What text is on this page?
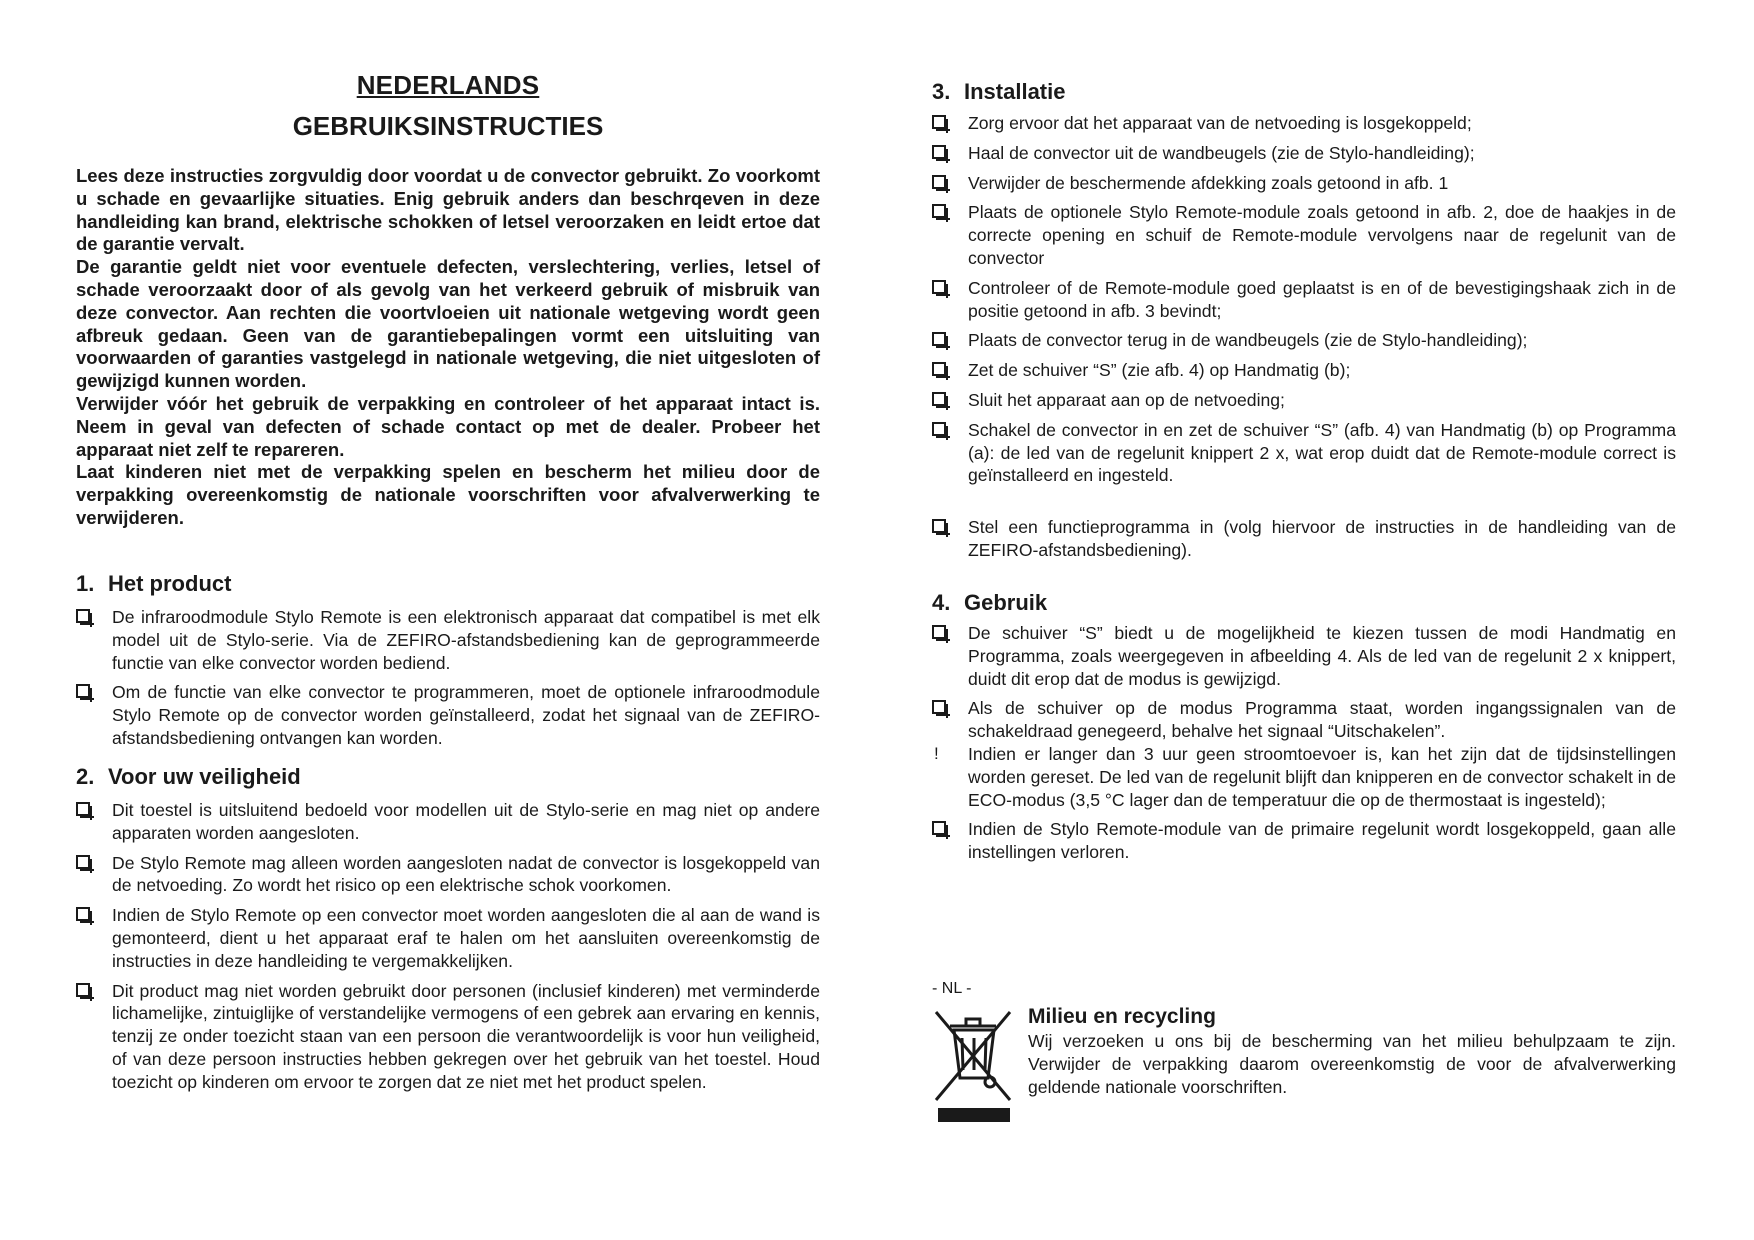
NEDERLANDS
GEBRUIKSINSTRUCTIES

Lees deze instructies zorgvuldig door voordat u de convector gebruikt. Zo voorkomt u schade en gevaarlijke situaties. Enig gebruik anders dan beschrqeven in deze handleiding kan brand, elektrische schokken of letsel veroorzaken en leidt ertoe dat de garantie vervalt.

De garantie geldt niet voor eventuele defecten, verslechtering, verlies, letsel of schade veroorzaakt door of als gevolg van het verkeerd gebruik of misbruik van deze convector. Aan rechten die voortvloeien uit nationale wetgeving wordt geen afbreuk gedaan. Geen van de garantiebepalingen vormt een uitsluiting van voorwaarden of garanties vastgelegd in nationale wetgeving, die niet uitgesloten of gewijzigd kunnen worden.

Verwijder vóór het gebruik de verpakking en controleer of het apparaat intact is. Neem in geval van defecten of schade contact op met de dealer. Probeer het apparaat niet zelf te repareren.

Laat kinderen niet met de verpakking spelen en bescherm het milieu door de verpakking overeenkomstig de nationale voorschriften voor afvalverwerking te verwijderen.

1. Het product
De infraroodmodule Stylo Remote is een elektronisch apparaat dat compatibel is met elk model uit de Stylo-serie. Via de ZEFIRO-afstandsbediening kan de geprogrammeerde functie van elke convector worden bediend.
Om de functie van elke convector te programmeren, moet de optionele infraroodmodule Stylo Remote op de convector worden geïnstalleerd, zodat het signaal van de ZEFIRO-afstandsbediening ontvangen kan worden.
2. Voor uw veiligheid
Dit toestel is uitsluitend bedoeld voor modellen uit de Stylo-serie en mag niet op andere apparaten worden aangesloten.
De Stylo Remote mag alleen worden aangesloten nadat de convector is losgekoppeld van de netvoeding. Zo wordt het risico op een elektrische schok voorkomen.
Indien de Stylo Remote op een convector moet worden aangesloten die al aan de wand is gemonteerd, dient u het apparaat eraf te halen om het aansluiten overeenkomstig de instructies in deze handleiding te vergemakkelijken.
Dit product mag niet worden gebruikt door personen (inclusief kinderen) met verminderde lichamelijke, zintuiglijke of verstandelijke vermogens of een gebrek aan ervaring en kennis, tenzij ze onder toezicht staan van een persoon die verantwoordelijk is voor hun veiligheid, of van deze persoon instructies hebben gekregen over het gebruik van het toestel. Houd toezicht op kinderen om ervoor te zorgen dat ze niet met het product spelen.
3. Installatie
Zorg ervoor dat het apparaat van de netvoeding is losgekoppeld;
Haal de convector uit de wandbeugels (zie de Stylo-handleiding);
Verwijder de beschermende afdekking zoals getoond in afb. 1
Plaats de optionele Stylo Remote-module zoals getoond in afb. 2, doe de haakjes in de correcte opening en schuif de Remote-module vervolgens naar de regelunit van de convector
Controleer of de Remote-module goed geplaatst is en of de bevestigingshaak zich in de positie getoond in afb. 3 bevindt;
Plaats de convector terug in de wandbeugels (zie de Stylo-handleiding);
Zet de schuiver “S” (zie afb. 4) op Handmatig (b);
Sluit het apparaat aan op de netvoeding;
Schakel de convector in en zet de schuiver “S” (afb. 4) van Handmatig (b) op Programma (a): de led van de regelunit knippert 2 x, wat erop duidt dat de Remote-module correct is geïnstalleerd en ingesteld.
Stel een functieprogramma in (volg hiervoor de instructies in de handleiding van de ZEFIRO-afstandsbediening).
4. Gebruik
De schuiver “S” biedt u de mogelijkheid te kiezen tussen de modi Handmatig en Programma, zoals weergegeven in afbeelding 4. Als de led van de regelunit 2 x knippert, duidt dit erop dat de modus is gewijzigd.
Als de schuiver op de modus Programma staat, worden ingangssignalen van de schakeldraad genegeerd, behalve het signaal “Uitschakelen”.
! Indien er langer dan 3 uur geen stroomtoevoer is, kan het zijn dat de tijdsinstellingen worden gereset. De led van de regelunit blijft dan knipperen en de convector schakelt in de ECO-modus (3,5 °C lager dan de temperatuur die op de thermostaat is ingesteld);
Indien de Stylo Remote-module van de primaire regelunit wordt losgekoppeld, gaan alle instellingen verloren.
- NL -
Milieu en recycling
Wij verzoeken u ons bij de bescherming van het milieu behulpzaam te zijn. Verwijder de verpakking daarom overeenkomstig de voor de afvalverwerking geldende nationale voorschriften.
